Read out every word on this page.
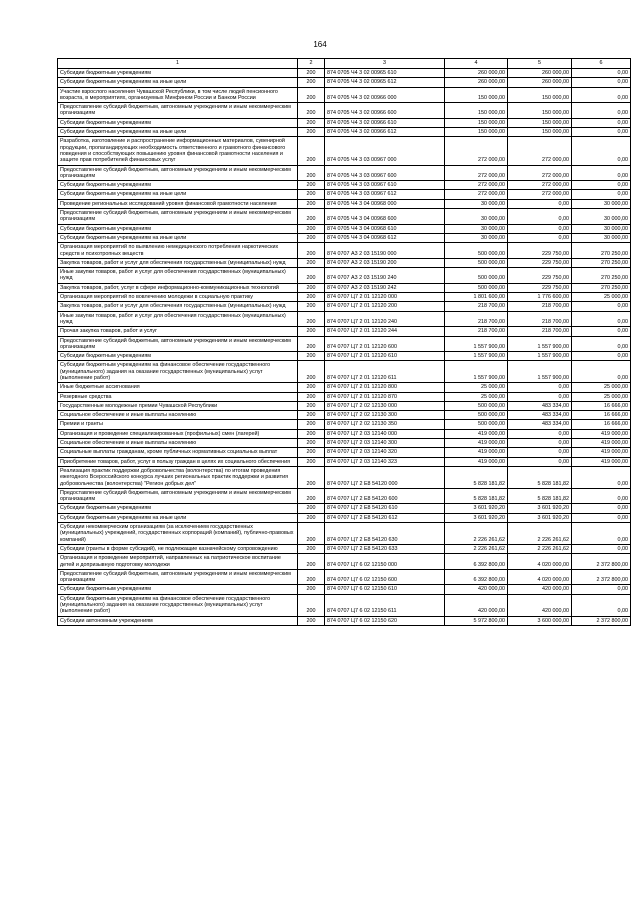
164
1	2	3	4	5	6
Субсидии бюджетным учреждениям	200	874 0705 Ч4 3 02 00965 610	260 000,00	260 000,00	0,00
Субсидии бюджетным учреждениям на иные цели	200	874 0705 Ч4 3 02 00965 612	260 000,00	260 000,00	0,00
Участие взрослого населения Чувашской Республики, в том числе людей пенсионного возраста, в мероприятиях, организуемых Минфином России и Банком России	200	874 0705 Ч4 3 02 00966 000	150 000,00	150 000,00	0,00
Предоставление субсидий бюджетным, автономным учреждениям и иным некоммерческим организациям	200	874 0705 Ч4 3 02 00966 600	150 000,00	150 000,00	0,00
Субсидии бюджетным учреждениям	200	874 0705 Ч4 3 02 00966 610	150 000,00	150 000,00	0,00
Субсидии бюджетным учреждениям на иные цели	200	874 0705 Ч4 3 02 00966 612	150 000,00	150 000,00	0,00
Разработка, изготовление и распространение информационных материалов, сувенирной продукции, пропагандирующих необходимость ответственного и грамотного финансового поведения и способствующих повышению уровня финансовой грамотности населения и защите прав потребителей финансовых услуг	200	874 0705 Ч4 3 03 00967 000	272 000,00	272 000,00	0,00
Предоставление субсидий бюджетным, автономным учреждениям и иным некоммерческим организациям	200	874 0705 Ч4 3 03 00967 600	272 000,00	272 000,00	0,00
Субсидии бюджетным учреждениям	200	874 0705 Ч4 3 03 00967 610	272 000,00	272 000,00	0,00
Субсидии бюджетным учреждениям на иные цели	200	874 0705 Ч4 3 03 00967 612	272 000,00	272 000,00	0,00
Проведение региональных исследований уровня финансовой грамотности населения	200	874 0705 Ч4 3 04 00968 000	30 000,00	0,00	30 000,00
Предоставление субсидий бюджетным, автономным учреждениям и иным некоммерческим организациям	200	874 0705 Ч4 3 04 00968 600	30 000,00	0,00	30 000,00
Субсидии бюджетным учреждениям	200	874 0705 Ч4 3 04 00968 610	30 000,00	0,00	30 000,00
Субсидии бюджетным учреждениям на иные цели	200	874 0705 Ч4 3 04 00968 612	30 000,00	0,00	30 000,00
Организация мероприятий по выявлению немедицинского потребления наркотических средств и психотропных веществ	200	874 0707 А3 2 03 15190 000	500 000,00	229 750,00	270 250,00
Закупка товаров, работ и услуг для обеспечения государственных (муниципальных) нужд	200	874 0707 А3 2 03 15190 200	500 000,00	229 750,00	270 250,00
Иные закупки товаров, работ и услуг для обеспечения государственных (муниципальных) нужд	200	874 0707 А3 2 03 15190 240	500 000,00	229 750,00	270 250,00
Закупка товаров, работ, услуг в сфере информационно-коммуникационных технологий	200	874 0707 А3 2 03 15190 242	500 000,00	229 750,00	270 250,00
Организация мероприятий по вовлечению молодежи в социальную практику	200	874 0707 Ц7 2 01 12120 000	1 801 600,00	1 776 600,00	25 000,00
Закупка товаров, работ и услуг для обеспечения государственных (муниципальных) нужд	200	874 0707 Ц7 2 01 12120 200	218 700,00	218 700,00	0,00
Иные закупки товаров, работ и услуг для обеспечения государственных (муниципальных) нужд	200	874 0707 Ц7 2 01 12120 240	218 700,00	218 700,00	0,00
Прочая закупка товаров, работ и услуг	200	874 0707 Ц7 2 01 12120 244	218 700,00	218 700,00	0,00
Предоставление субсидий бюджетным, автономным учреждениям и иным некоммерческим организациям	200	874 0707 Ц7 2 01 12120 600	1 557 900,00	1 557 900,00	0,00
Субсидии бюджетным учреждениям	200	874 0707 Ц7 2 01 12120 610	1 557 900,00	1 557 900,00	0,00
Субсидии бюджетным учреждениям на финансовое обеспечение государственного (муниципального) задания на оказание государственных (муниципальных) услуг (выполнение работ)	200	874 0707 Ц7 2 01 12120 611	1 557 900,00	1 557 900,00	0,00
Иные бюджетные ассигнования	200	874 0707 Ц7 2 01 12120 800	25 000,00	0,00	25 000,00
Резервные средства	200	874 0707 Ц7 2 01 12120 870	25 000,00	0,00	25 000,00
Государственные молодежные премии Чувашской Республики	200	874 0707 Ц7 2 02 12130 000	500 000,00	483 334,00	16 666,00
Социальное обеспечение и иные выплаты населению	200	874 0707 Ц7 2 02 12130 300	500 000,00	483 334,00	16 666,00
Премии и гранты	200	874 0707 Ц7 2 02 12130 350	500 000,00	483 334,00	16 666,00
Организация и проведение специализированных (профильных) смен (лагерей)	200	874 0707 Ц7 2 03 12140 000	419 000,00	0,00	419 000,00
Социальное обеспечение и иные выплаты населению	200	874 0707 Ц7 2 03 12140 300	419 000,00	0,00	419 000,00
Социальные выплаты гражданам, кроме публичных нормативных социальных выплат	200	874 0707 Ц7 2 03 12140 320	419 000,00	0,00	419 000,00
Приобретение товаров, работ, услуг в пользу граждан в целях их социального обеспечения	200	874 0707 Ц7 2 03 12140 323	419 000,00	0,00	419 000,00
Реализация практик поддержки добровольчества (волонтерства) по итогам проведения ежегодного Всероссийского конкурса лучших региональных практик поддержки и развития добровольчества (волонтерства) "Регион добрых дел"	200	874 0707 Ц7 2 Е8 54120 000	5 828 181,82	5 828 181,82	0,00
Предоставление субсидий бюджетным, автономным учреждениям и иным некоммерческим организациям	200	874 0707 Ц7 2 Е8 54120 600	5 828 181,82	5 828 181,82	0,00
Субсидии бюджетным учреждениям	200	874 0707 Ц7 2 Е8 54120 610	3 601 920,20	3 601 920,20	0,00
Субсидии бюджетным учреждениям на иные цели	200	874 0707 Ц7 2 Е8 54120 612	3 601 920,20	3 601 920,20	0,00
Субсидии некоммерческим организациям (за исключением государственных (муниципальных) учреждений, государственных корпораций (компаний), публично-правовых компаний)	200	874 0707 Ц7 2 Е8 54120 630	2 226 261,62	2 226 261,62	0,00
Субсидии (гранты в форме субсидий), не подлежащие казначейскому сопровождению	200	874 0707 Ц7 2 Е8 54120 633	2 226 261,62	2 226 261,62	0,00
Организация и проведение мероприятий, направленных на патриотическое воспитание детей и допризывную подготовку молодежи	200	874 0707 Ц7 6 02 12150 000	6 392 800,00	4 020 000,00	2 372 800,00
Предоставление субсидий бюджетным, автономным учреждениям и иным некоммерческим организациям	200	874 0707 Ц7 6 02 12150 600	6 392 800,00	4 020 000,00	2 372 800,00
Субсидии бюджетным учреждениям	200	874 0707 Ц7 6 02 12150 610	420 000,00	420 000,00	0,00
Субсидии бюджетным учреждениям на финансовое обеспечение государственного (муниципального) задания на оказание государственных (муниципальных) услуг (выполнение работ)	200	874 0707 Ц7 6 02 12150 611	420 000,00	420 000,00	0,00
Субсидии автономным учреждениям	200	874 0707 Ц7 6 02 12150 620	5 972 800,00	3 600 000,00	2 372 800,00
